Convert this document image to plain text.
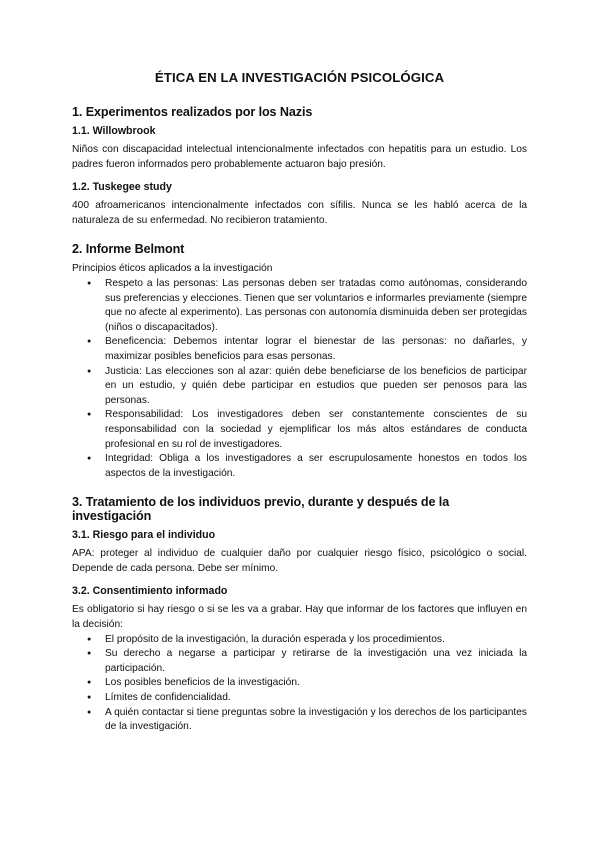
ÉTICA EN LA INVESTIGACIÓN PSICOLÓGICA
1. Experimentos realizados por los Nazis
1.1. Willowbrook

Niños con discapacidad intelectual intencionalmente infectados con hepatitis para un estudio. Los padres fueron informados pero probablemente actuaron bajo presión.

1.2. Tuskegee study

400 afroamericanos intencionalmente infectados con sífilis. Nunca se les habló acerca de la naturaleza de su enfermedad. No recibieron tratamiento.

2. Informe Belmont

Principios éticos aplicados a la investigación

● Respeto a las personas: Las personas deben ser tratadas como autónomas, considerando sus preferencias y elecciones. Tienen que ser voluntarios e informarles previamente (siempre que no afecte al experimento). Las personas con autonomía disminuida deben ser protegidas (niños o discapacitados).
● Beneficencia: Debemos intentar lograr el bienestar de las personas: no dañarles, y maximizar posibles beneficios para esas personas.
● Justicia: Las elecciones son al azar: quién debe beneficiarse de los beneficios de participar en un estudio, y quién debe participar en estudios que pueden ser penosos para las personas.
● Responsabilidad: Los investigadores deben ser constantemente conscientes de su responsabilidad con la sociedad y ejemplificar los más altos estándares de conducta profesional en su rol de investigadores.
● Integridad: Obliga a los investigadores a ser escrupulosamente honestos en todos los aspectos de la investigación.
3. Tratamiento de los individuos previo, durante y después de la investigación
3.1. Riesgo para el individuo

APA: proteger al individuo de cualquier daño por cualquier riesgo físico, psicológico o social. Depende de cada persona. Debe ser mínimo.

3.2. Consentimiento informado

Es obligatorio si hay riesgo o si se les va a grabar. Hay que informar de los factores que influyen en la decisión:

● El propósito de la investigación, la duración esperada y los procedimientos.
● Su derecho a negarse a participar y retirarse de la investigación una vez iniciada la participación.
● Los posibles beneficios de la investigación.
● Límites de confidencialidad.
● A quién contactar si tiene preguntas sobre la investigación y los derechos de los participantes de la investigación.
